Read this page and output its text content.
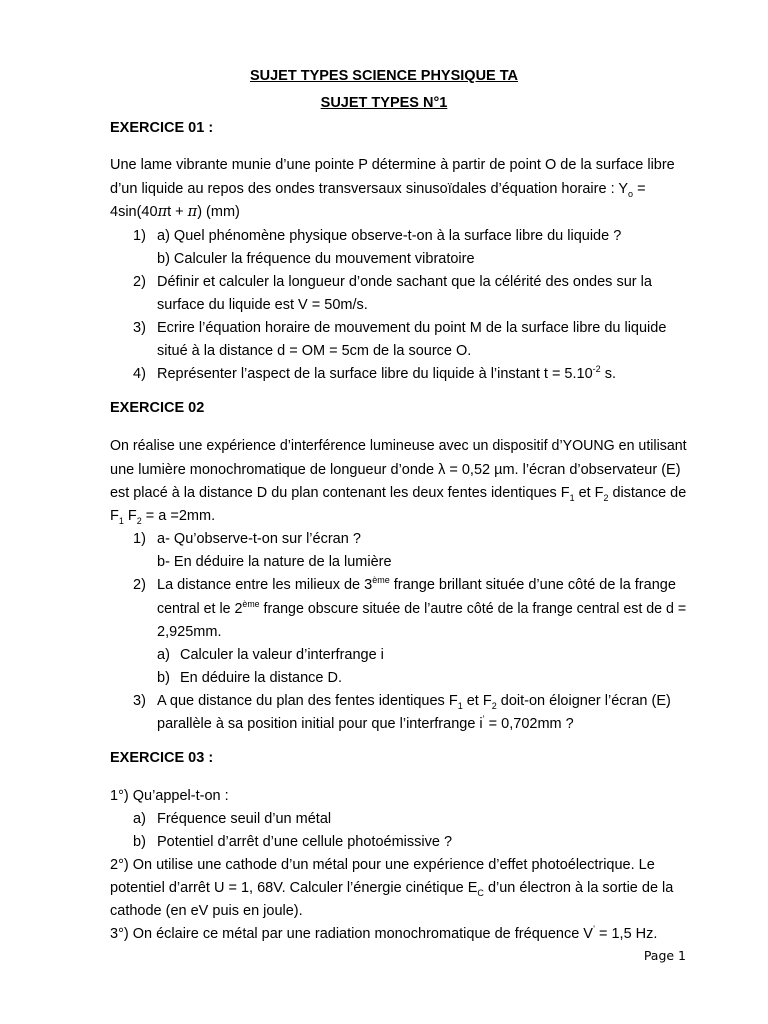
SUJET TYPES SCIENCE PHYSIQUE TA
SUJET TYPES N°1
EXERCICE 01 :
Une lame vibrante munie d’une pointe P détermine à partir de point O de la surface libre
d’un liquide au repos des ondes transversaux sinusoïdales d’équation horaire : $Y_o$ =
4sin(40πt + π) (mm)
1) a) Quel phénomène physique observe-t-on à la surface libre du liquide ?
b) Calculer la fréquence du mouvement vibratoire
2) Définir et calculer la longueur d’onde sachant que la célérité des ondes sur la
surface du liquide est V = 50m/s.
3) Ecrire l’équation horaire de mouvement du point M de la surface libre du liquide
situé à la distance d = OM = 5cm de la source O.
4) Représenter l’aspect de la surface libre du liquide à l’instant $t = 5.10^{-2}$ s.
EXERCICE 02
On réalise une expérience d’interférence lumineuse avec un dispositif d’YOUNG en utilisant
une lumière monochromatique de longueur d’onde λ = 0,52 µm. l’écran d’observateur (E)
est placé à la distance D du plan contenant les deux fentes identiques $F_1$ et $F_2$ distance de
$F_1$ $F_2 = a =2mm$.
1) a- Qu’observe-t-on sur l’écran ?
b- En déduire la nature de la lumière
2) La distance entre les milieux de 3ème frange brillant située d’une côté de la frange
central et le 2ème frange obscure située de l’autre côté de la frange central est de d =
2,925mm.
a) Calculer la valeur d’interfrange i
b) En déduire la distance D.
3) A que distance du plan des fentes identiques $F_1$ et $F_2$ doit-on éloigner l’écran (E)
parallèle à sa position initial pour que l’interfrange i’ = 0,702mm ?
EXERCICE 03 :
1°) Qu’appel-t-on :
a) Fréquence seuil d’un métal
b) Potentiel d’arrêt d’une cellule photoémissive ?
2°) On utilise une cathode d’un métal pour une expérience d’effet photoélectrique. Le
potentiel d’arrêt U = 1, 68V. Calculer l’énergie cinétique $E_C$ d’un électron à la sortie de la
cathode (en eV puis en joule).
3°) On éclaire ce métal par une radiation monochromatique de fréquence V’ = 1,5 Hz.
Page 1
